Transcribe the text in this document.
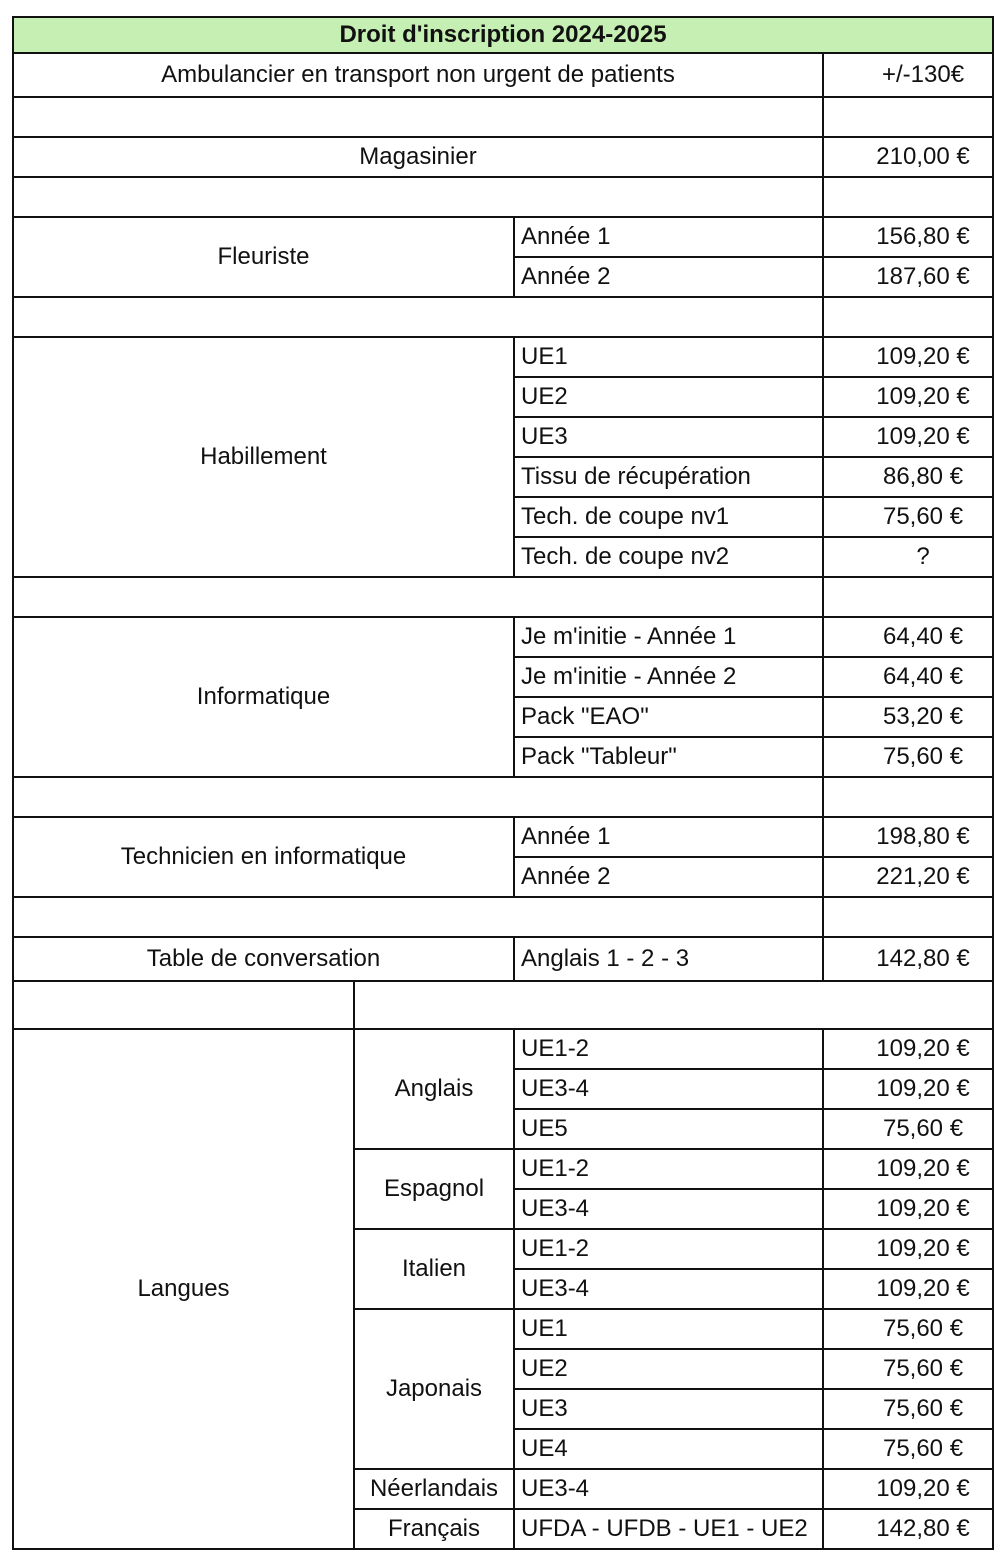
Droit d'inscription 2024-2025			
Ambulancier en transport non urgent de patients			+/-130€

Magasinier			210,00 €

Fleuriste		Année 1	156,80 €
		Année 2	187,60 €

Habillement		UE1	109,20 €
		UE2	109,20 €
		UE3	109,20 €
		Tissu de récupération	86,80 €
		Tech. de coupe nv1	75,60 €
		Tech. de coupe nv2	?

Informatique		Je m'initie - Année 1	64,40 €
		Je m'initie - Année 2	64,40 €
		Pack "EAO"	53,20 €
		Pack "Tableur"	75,60 €

Technicien en informatique		Année 1	198,80 €
		Année 2	221,20 €

Table de conversation		Anglais 1 - 2 - 3	142,80 €

Langues	Anglais	UE1-2	109,20 €
		UE3-4	109,20 €
		UE5	75,60 €
	Espagnol	UE1-2	109,20 €
		UE3-4	109,20 €
	Italien	UE1-2	109,20 €
		UE3-4	109,20 €
	Japonais	UE1	75,60 €
		UE2	75,60 €
		UE3	75,60 €
		UE4	75,60 €
	Néerlandais	UE3-4	109,20 €
	Français	UFDA - UFDB - UE1 - UE2	142,80 €
